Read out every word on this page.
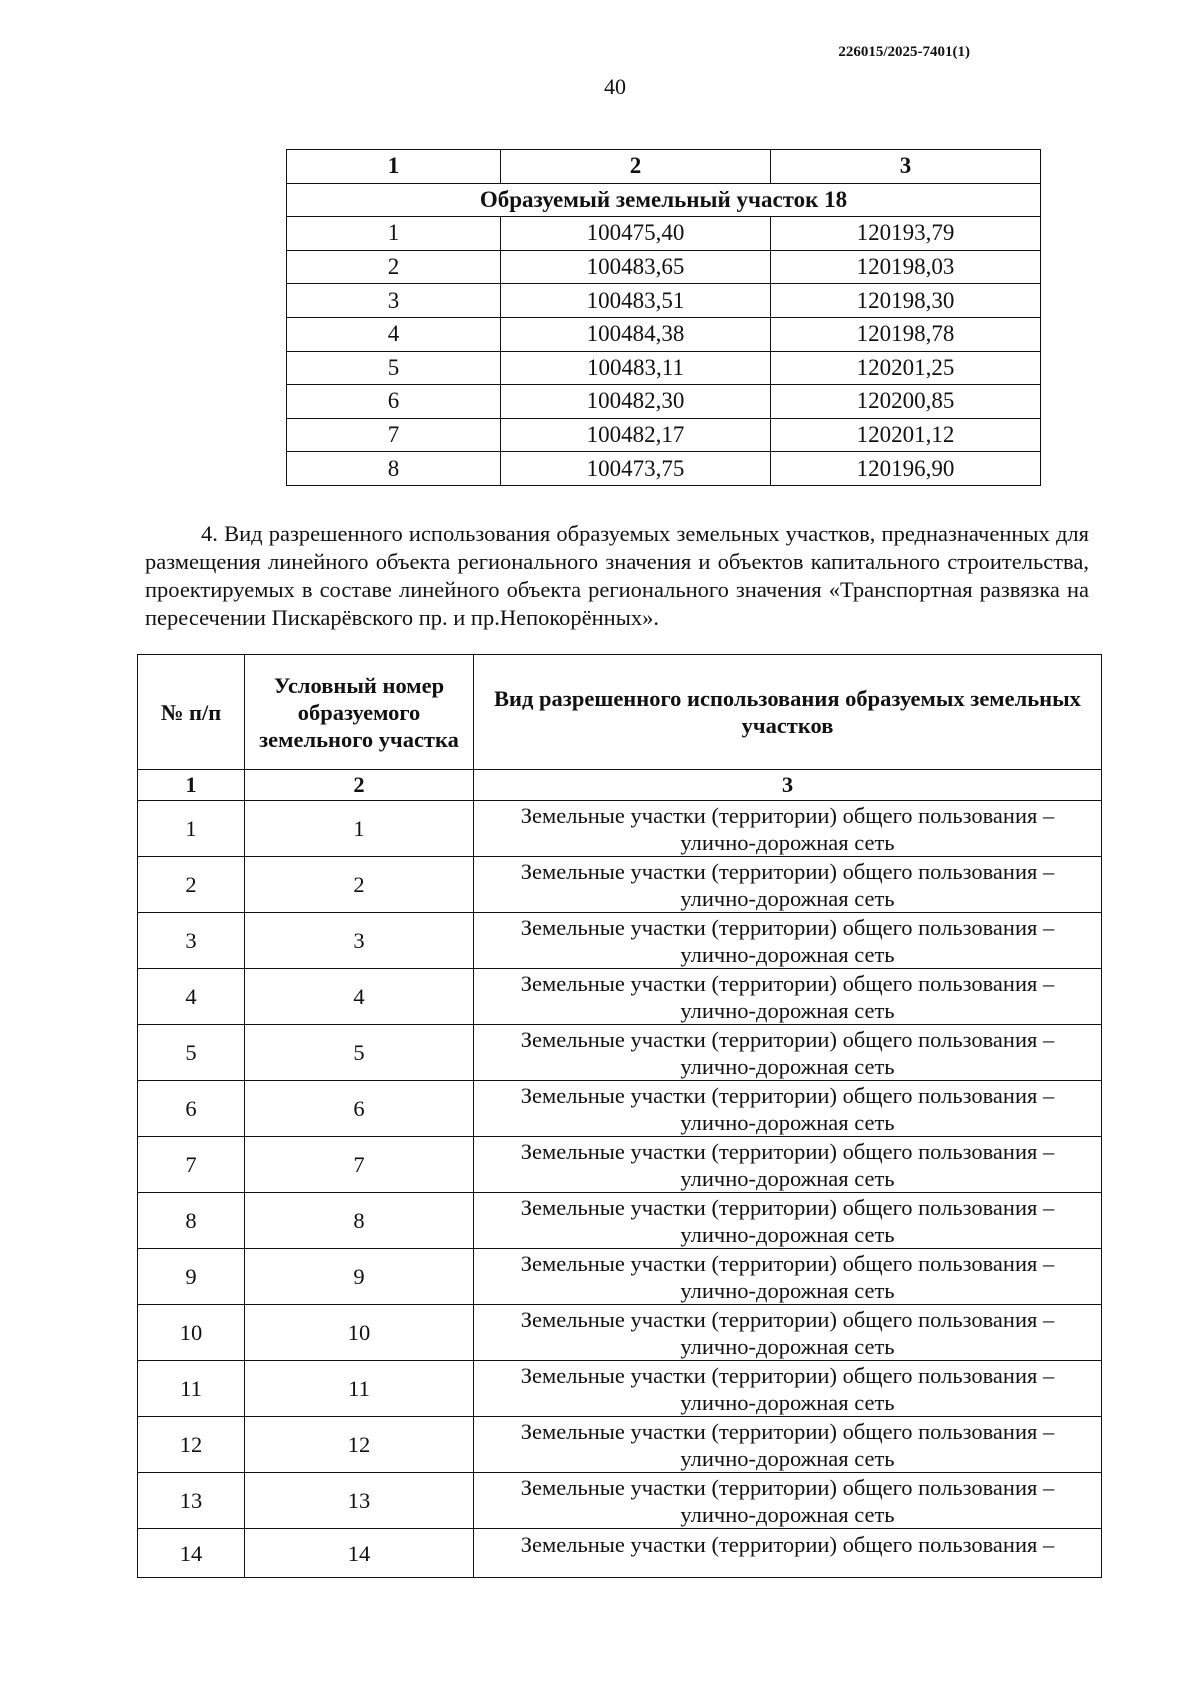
226015/2025-7401(1)
40
1	2	3
Образуемый земельный участок 18		
1	100475,40	120193,79
2	100483,65	120198,03
3	100483,51	120198,30
4	100484,38	120198,78
5	100483,11	120201,25
6	100482,30	120200,85
7	100482,17	120201,12
8	100473,75	120196,90

4. Вид разрешенного использования образуемых земельных участков, предназначенных для размещения линейного объекта регионального значения и объектов капитального строительства, проектируемых в составе линейного объекта регионального значения «Транспортная развязка на пересечении Пискарёвского пр. и пр.Непокорённых».

№ п/п	Условный номер образуемого земельного участка	Вид разрешенного использования образуемых земельных участков
1	2	3
1	1	Земельные участки (территории) общего пользования –
улично-дорожная сеть

2	2	Земельные участки (территории) общего пользования –
улично-дорожная сеть

3	3	Земельные участки (территории) общего пользования –
улично-дорожная сеть

4	4	Земельные участки (территории) общего пользования –
улично-дорожная сеть

5	5	Земельные участки (территории) общего пользования –
улично-дорожная сеть

6	6	Земельные участки (территории) общего пользования –
улично-дорожная сеть

7	7	Земельные участки (территории) общего пользования –
улично-дорожная сеть

8	8	Земельные участки (территории) общего пользования –
улично-дорожная сеть

9	9	Земельные участки (территории) общего пользования –
улично-дорожная сеть

10	10	Земельные участки (территории) общего пользования –
улично-дорожная сеть

11	11	Земельные участки (территории) общего пользования –
улично-дорожная сеть

12	12	Земельные участки (территории) общего пользования –
улично-дорожная сеть

13	13	Земельные участки (территории) общего пользования –
улично-дорожная сеть

14	14	Земельные участки (территории) общего пользования –
